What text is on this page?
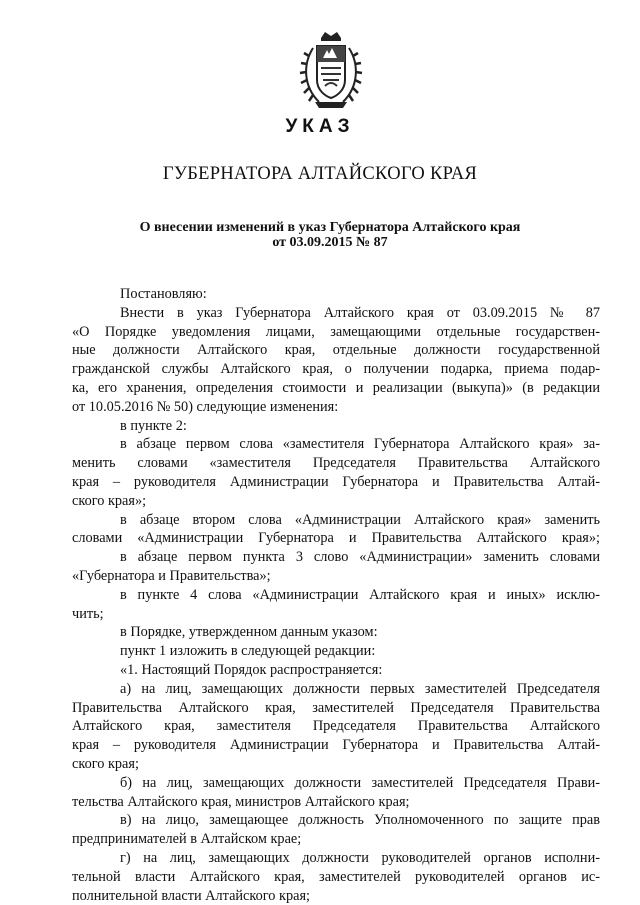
УКАЗ
ГУБЕРНАТОРА АЛТАЙСКОГО КРАЯ
О внесении изменений в указ Губернатора Алтайского края
от 03.09.2015 № 87
Постановляю:
Внести в указ Губернатора Алтайского края от 03.09.2015 № 87
«О Порядке уведомления лицами, замещающими отдельные государствен-
ные должности Алтайского края, отдельные должности государственной
гражданской службы Алтайского края, о получении подарка, приема подар-
ка, его хранения, определения стоимости и реализации (выкупа)» (в редакции
от 10.05.2016 № 50) следующие изменения:
в пункте 2:
в абзаце первом слова «заместителя Губернатора Алтайского края» за-
менить словами «заместителя Председателя Правительства Алтайского
края – руководителя Администрации Губернатора и Правительства Алтай-
ского края»;
в абзаце втором слова «Администрации Алтайского края» заменить
словами «Администрации Губернатора и Правительства Алтайского края»;
в абзаце первом пункта 3 слово «Администрации» заменить словами
«Губернатора и Правительства»;
в пункте 4 слова «Администрации Алтайского края и иных» исклю-
чить;
в Порядке, утвержденном данным указом:
пункт 1 изложить в следующей редакции:
«1. Настоящий Порядок распространяется:
а) на лиц, замещающих должности первых заместителей Председателя
Правительства Алтайского края, заместителей Председателя Правительства
Алтайского края, заместителя Председателя Правительства Алтайского
края – руководителя Администрации Губернатора и Правительства Алтай-
ского края;
б) на лиц, замещающих должности заместителей Председателя Прави-
тельства Алтайского края, министров Алтайского края;
в) на лицо, замещающее должность Уполномоченного по защите прав
предпринимателей в Алтайском крае;
г) на лиц, замещающих должности руководителей органов исполни-
тельной власти Алтайского края, заместителей руководителей органов ис-
полнительной власти Алтайского края;
